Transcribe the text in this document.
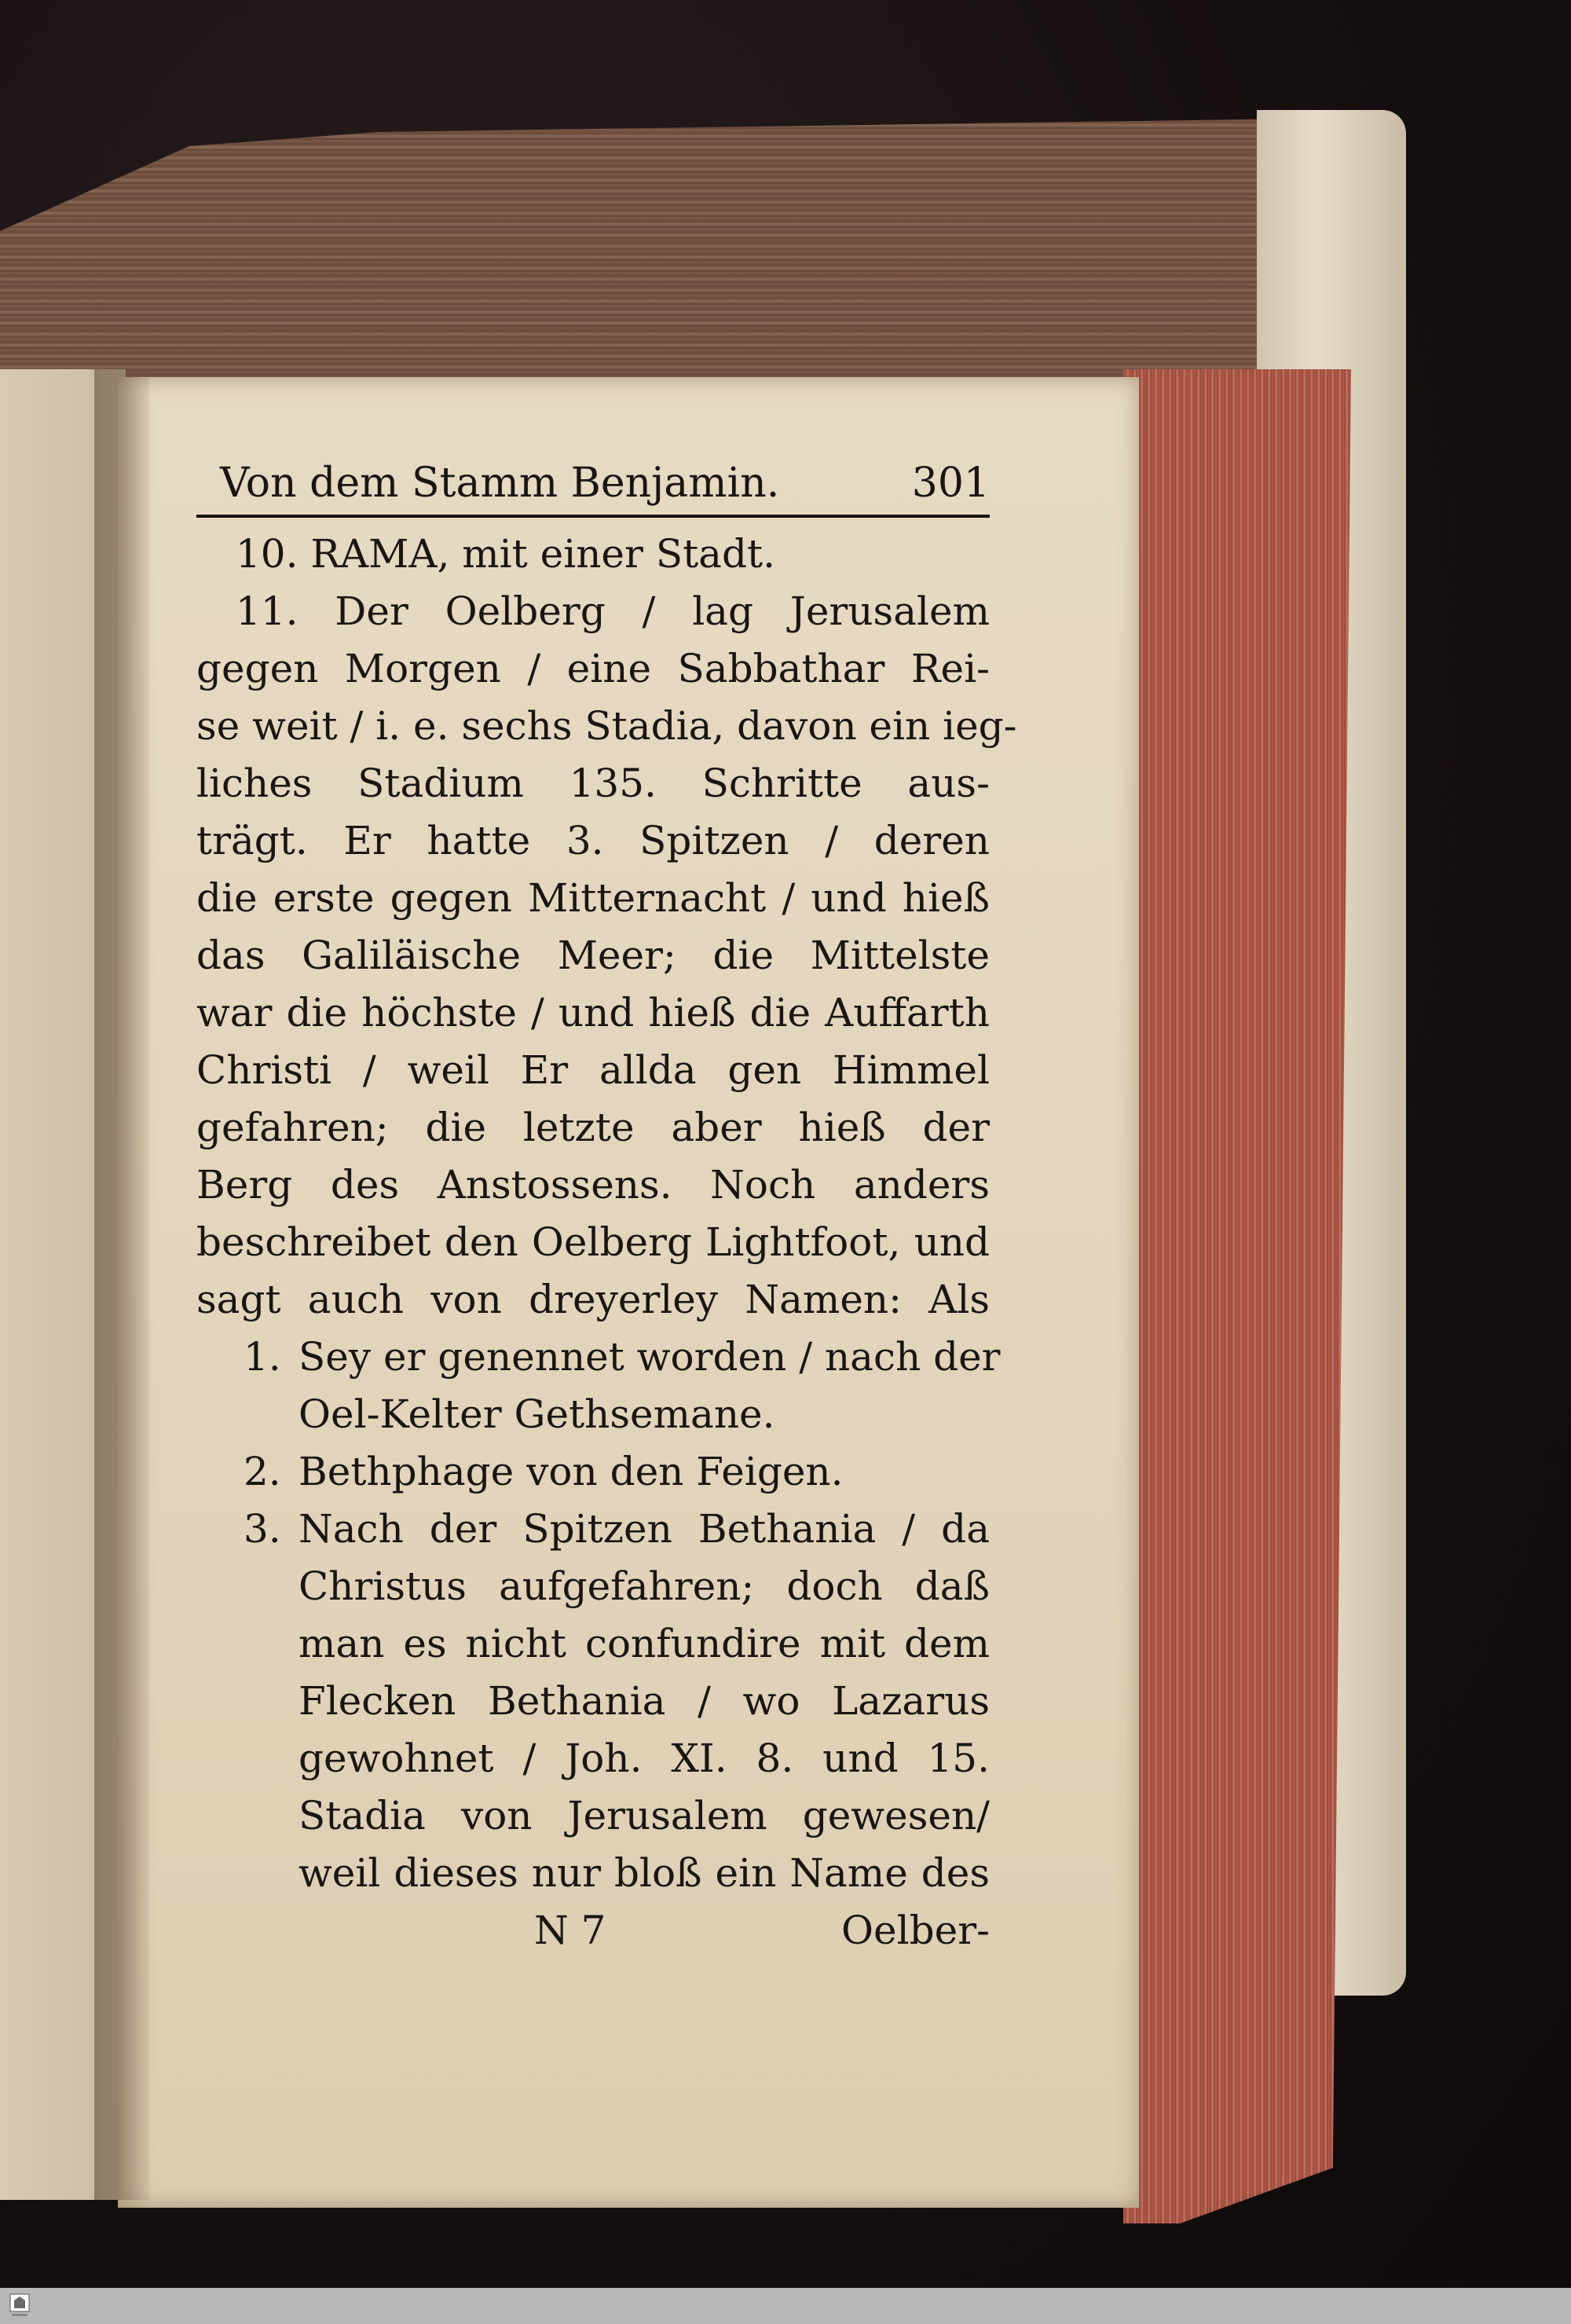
Von dem Stamm Benjamin.	301
10. RAMA, mit einer Stadt.
11. Der Oelberg / lag Jerusalem
gegen Morgen / eine Sabbathar Rei-
se weit / i. e. sechs Stadia, davon ein ieg-
liches Stadium 135. Schritte aus-
trägt. Er hatte 3. Spitzen / deren
die erste gegen Mitternacht / und hieß
das Galiläische Meer; die Mittelste
war die höchste / und hieß die Auffarth
Christi / weil Er allda gen Himmel
gefahren; die letzte aber hieß der
Berg des Anstossens. Noch anders
beschreibet den Oelberg Lightfoot, und
sagt auch von dreyerley Namen: Als
1. Sey er genennet worden / nach der
Oel-Kelter Gethsemane.
2. Bethphage von den Feigen.
3. Nach der Spitzen Bethania / da
Christus aufgefahren; doch daß
man es nicht confundire mit dem
Flecken Bethania / wo Lazarus
gewohnet / Joh. XI. 8. und 15.
Stadia von Jerusalem gewesen/
weil dieses nur bloß ein Name des
N 7	Oelber-
